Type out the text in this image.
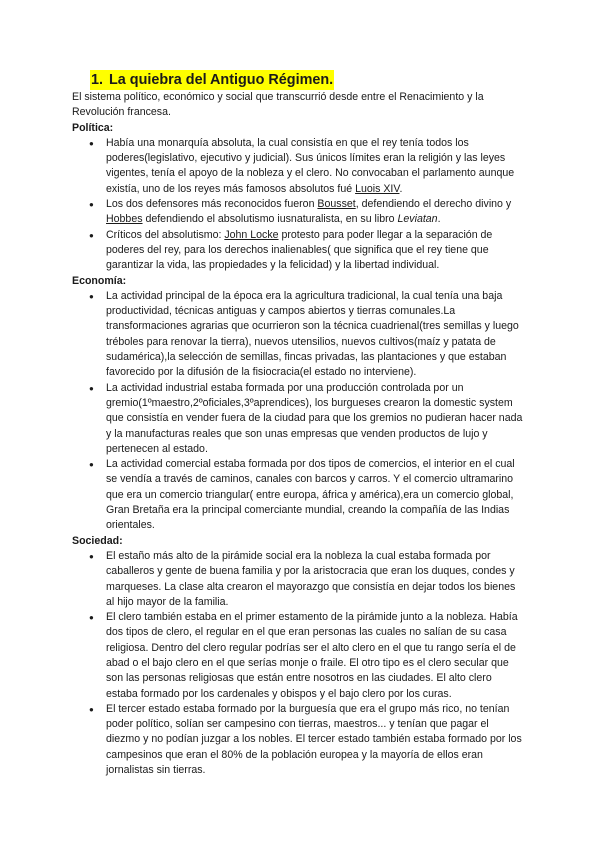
1. La quiebra del Antiguo Régimen.

El sistema político, económico y social que transcurrió desde entre el Renacimiento y la Revolución francesa.

Política:

● Había una monarquía absoluta, la cual consistía en que el rey tenía todos los poderes(legislativo, ejecutivo y judicial). Sus únicos límites eran la religión y las leyes vigentes, tenía el apoyo de la nobleza y el clero. No convocaban el parlamento aunque existía, uno de los reyes más famosos absolutos fué Luois XIV.
● Los dos defensores más reconocidos fueron Bousset, defendiendo el derecho divino y Hobbes defendiendo el absolutismo iusnaturalista, en su libro Leviatan.
● Críticos del absolutismo: John Locke protesto para poder llegar a la separación de poderes del rey, para los derechos inalienables( que significa que el rey tiene que garantizar la vida, las propiedades y la felicidad) y la libertad individual.

Economía:

● La actividad principal de la época era la agricultura tradicional, la cual tenía una baja productividad, técnicas antiguas y campos abiertos y tierras comunales.La transformaciones agrarias que ocurrieron son la técnica cuadrienal(tres semillas y luego tréboles para renovar la tierra), nuevos utensilios, nuevos cultivos(maíz y patata de sudamérica),la selección de semillas, fincas privadas, las plantaciones y que estaban favorecido por la difusión de la fisiocracia(el estado no interviene).
● La actividad industrial estaba formada por una producción controlada por un gremio(1ºmaestro,2ºoficiales,3ºaprendices), los burgueses crearon la domestic system que consistía en vender fuera de la ciudad para que los gremios no pudieran hacer nada y la manufacturas reales que son unas empresas que venden productos de lujo y pertenecen al estado.
● La actividad comercial estaba formada por dos tipos de comercios, el interior en el cual se vendía a través de caminos, canales con barcos y carros. Y el comercio ultramarino que era un comercio triangular( entre europa, áfrica y américa),era un comercio global, Gran Bretaña era la principal comerciante mundial, creando la compañía de las Indias orientales.

Sociedad:

● El estaño más alto de la pirámide social era la nobleza la cual estaba formada por caballeros y gente de buena familia y por la aristocracia que eran los duques, condes y marqueses. La clase alta crearon el mayorazgo que consistía en dejar todos los bienes al hijo mayor de la familia.
● El clero también estaba en el primer estamento de la pirámide junto a la nobleza. Había dos tipos de clero, el regular en el que eran personas las cuales no salían de su casa religiosa. Dentro del clero regular podrías ser el alto clero en el que tu rango sería el de abad o el bajo clero en el que serías monje o fraile. El otro tipo es el clero secular que son las personas religiosas que están entre nosotros en las ciudades. El alto clero estaba formado por los cardenales y obispos y el bajo clero por los curas.
● El tercer estado estaba formado por la burguesía que era el grupo más rico, no tenían poder político, solían ser campesino con tierras, maestros... y tenían que pagar el diezmo y no podían juzgar a los nobles. El tercer estado también estaba formado por los campesinos que eran el 80% de la población europea y la mayoría de ellos eran jornalistas sin tierras.
